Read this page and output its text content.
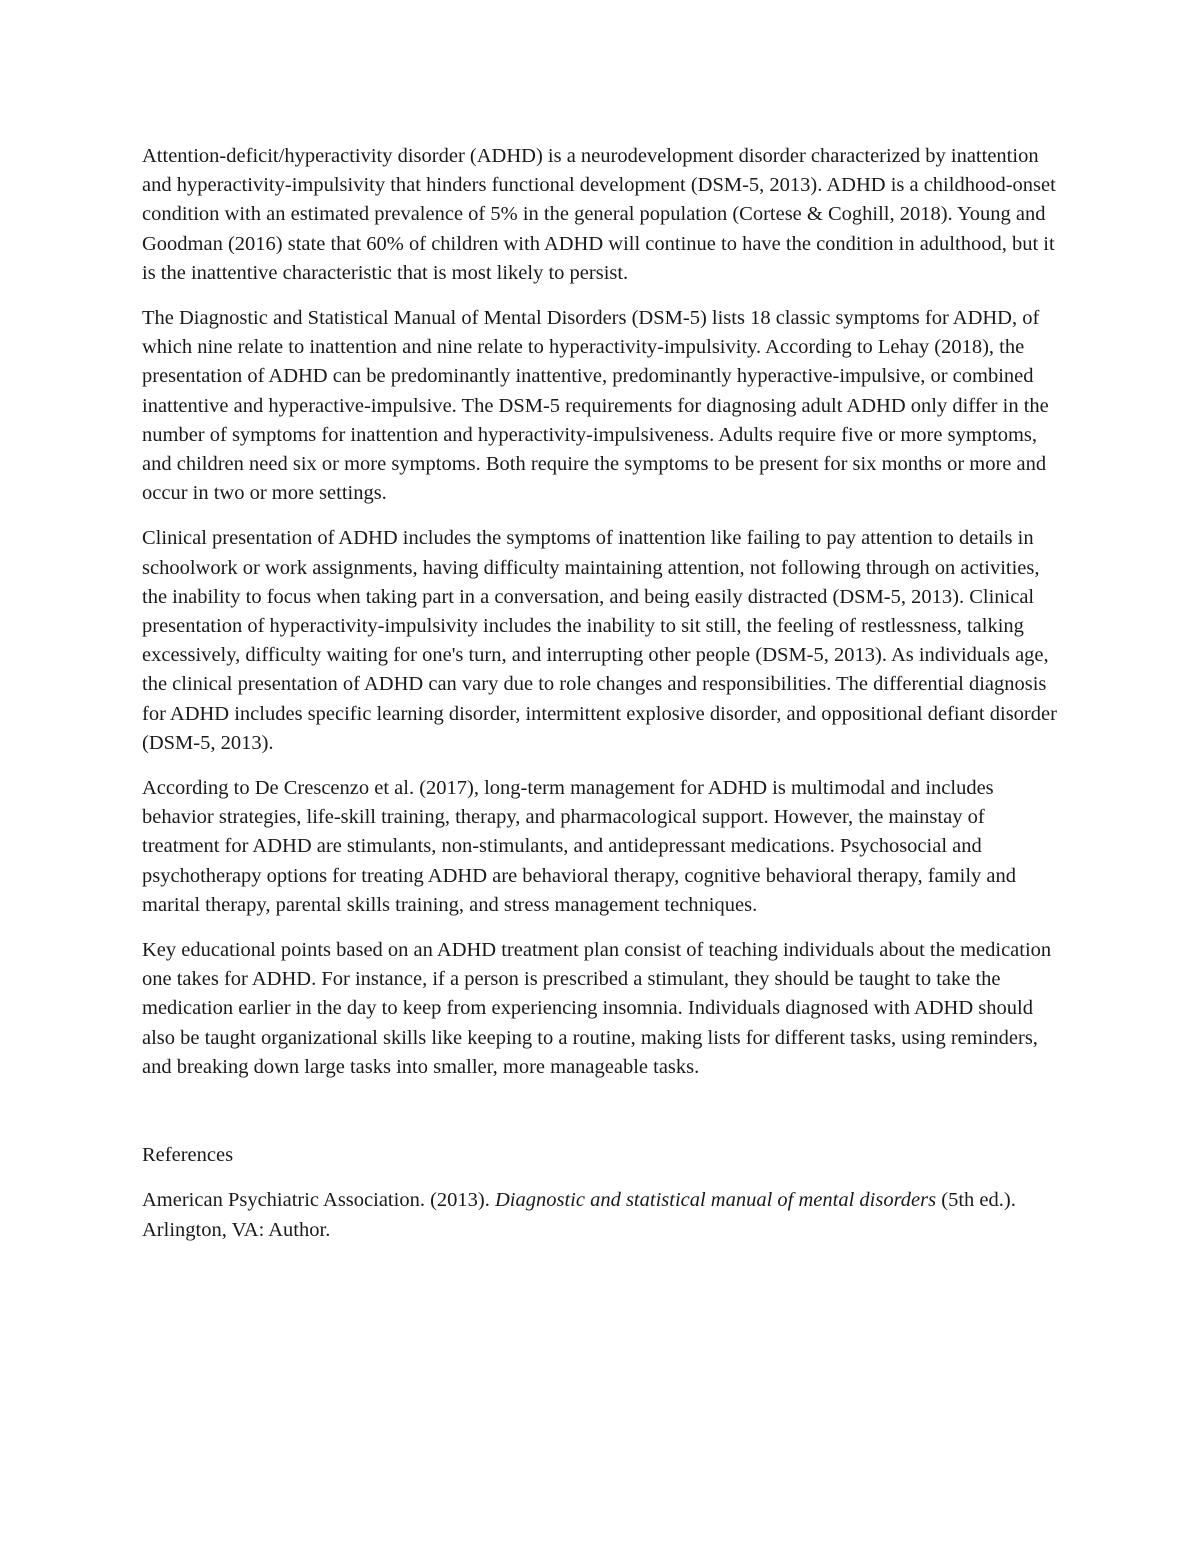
Attention-deficit/hyperactivity disorder (ADHD) is a neurodevelopment disorder characterized by inattention and hyperactivity-impulsivity that hinders functional development (DSM-5, 2013). ADHD is a childhood-onset condition with an estimated prevalence of 5% in the general population (Cortese & Coghill, 2018). Young and Goodman (2016) state that 60% of children with ADHD will continue to have the condition in adulthood, but it is the inattentive characteristic that is most likely to persist.

The Diagnostic and Statistical Manual of Mental Disorders (DSM-5) lists 18 classic symptoms for ADHD, of which nine relate to inattention and nine relate to hyperactivity-impulsivity. According to Lehay (2018), the presentation of ADHD can be predominantly inattentive, predominantly hyperactive-impulsive, or combined inattentive and hyperactive-impulsive. The DSM-5 requirements for diagnosing adult ADHD only differ in the number of symptoms for inattention and hyperactivity-impulsiveness. Adults require five or more symptoms, and children need six or more symptoms. Both require the symptoms to be present for six months or more and occur in two or more settings.

Clinical presentation of ADHD includes the symptoms of inattention like failing to pay attention to details in schoolwork or work assignments, having difficulty maintaining attention, not following through on activities, the inability to focus when taking part in a conversation, and being easily distracted (DSM-5, 2013). Clinical presentation of hyperactivity-impulsivity includes the inability to sit still, the feeling of restlessness, talking excessively, difficulty waiting for one's turn, and interrupting other people (DSM-5, 2013). As individuals age, the clinical presentation of ADHD can vary due to role changes and responsibilities. The differential diagnosis for ADHD includes specific learning disorder, intermittent explosive disorder, and oppositional defiant disorder (DSM-5, 2013).

According to De Crescenzo et al. (2017), long-term management for ADHD is multimodal and includes behavior strategies, life-skill training, therapy, and pharmacological support. However, the mainstay of treatment for ADHD are stimulants, non-stimulants, and antidepressant medications. Psychosocial and psychotherapy options for treating ADHD are behavioral therapy, cognitive behavioral therapy, family and marital therapy, parental skills training, and stress management techniques.

Key educational points based on an ADHD treatment plan consist of teaching individuals about the medication one takes for ADHD. For instance, if a person is prescribed a stimulant, they should be taught to take the medication earlier in the day to keep from experiencing insomnia. Individuals diagnosed with ADHD should also be taught organizational skills like keeping to a routine, making lists for different tasks, using reminders, and breaking down large tasks into smaller, more manageable tasks.

References

American Psychiatric Association. (2013). Diagnostic and statistical manual of mental disorders (5th ed.). Arlington, VA: Author.
